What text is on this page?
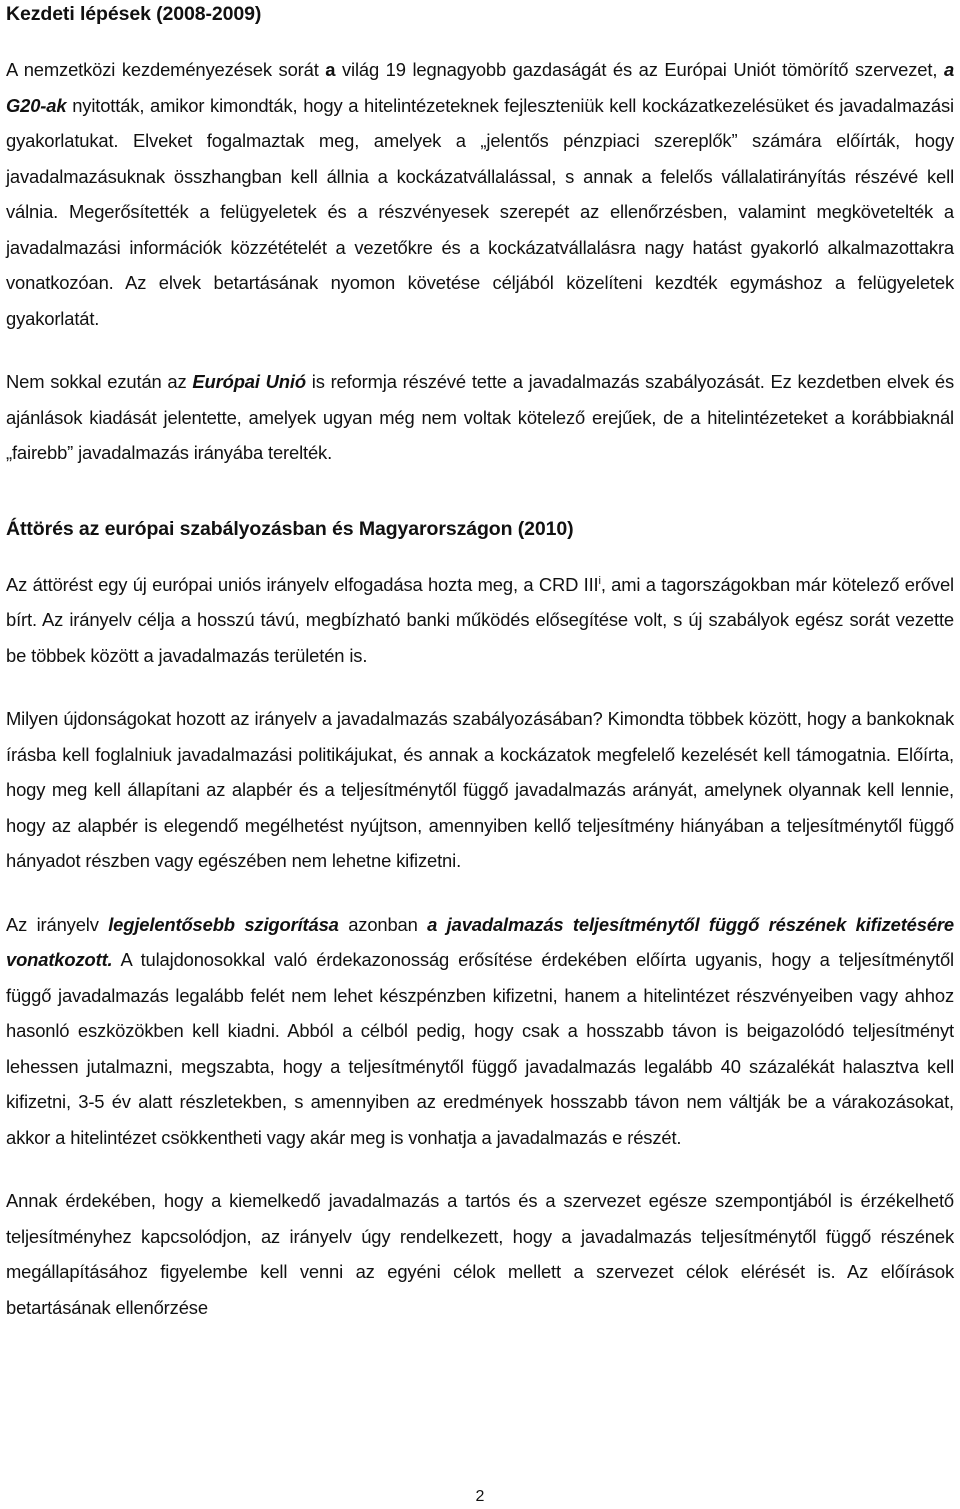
Kezdeti lépések (2008-2009)

A nemzetközi kezdeményezések sorát a világ 19 legnagyobb gazdaságát és az Európai Uniót tömörítő szervezet, a G20-ak nyitották, amikor kimondták, hogy a hitelintézeteknek fejleszteniük kell kockázatkezelésüket és javadalmazási gyakorlatukat. Elveket fogalmaztak meg, amelyek a „jelentős pénzpiaci szereplők” számára előírták, hogy javadalmazásuknak összhangban kell állnia a kockázatvállalással, s annak a felelős vállalatirányítás részévé kell válnia. Megerősítették a felügyeletek és a részvényesek szerepét az ellenőrzésben, valamint megkövetelték a javadalmazási információk közzétételét a vezetőkre és a kockázatvállalásra nagy hatást gyakorló alkalmazottakra vonatkozóan. Az elvek betartásának nyomon követése céljából közelíteni kezdték egymáshoz a felügyeletek gyakorlatát.

Nem sokkal ezután az Európai Unió is reformja részévé tette a javadalmazás szabályozását. Ez kezdetben elvek és ajánlások kiadását jelentette, amelyek ugyan még nem voltak kötelező erejűek, de a hitelintézeteket a korábbiaknál „fairebb” javadalmazás irányába terelték.

Áttörés az európai szabályozásban és Magyarországon (2010)

Az áttörést egy új európai uniós irányelv elfogadása hozta meg, a CRD III$^i$, ami a tagországokban már kötelező erővel bírt. Az irányelv célja a hosszú távú, megbízható banki működés elősegítése volt, s új szabályok egész sorát vezette be többek között a javadalmazás területén is.

Milyen újdonságokat hozott az irányelv a javadalmazás szabályozásában? Kimondta többek között, hogy a bankoknak írásba kell foglalniuk javadalmazási politikájukat, és annak a kockázatok megfelelő kezelését kell támogatnia. Előírta, hogy meg kell állapítani az alapbér és a teljesítménytől függő javadalmazás arányát, amelynek olyannak kell lennie, hogy az alapbér is elegendő megélhetést nyújtson, amennyiben kellő teljesítmény hiányában a teljesítménytől függő hányadot részben vagy egészében nem lehetne kifizetni.

Az irányelv legjelentősebb szigorítása azonban a javadalmazás teljesítménytől függő részének kifizetésére vonatkozott. A tulajdonosokkal való érdekazonosság erősítése érdekében előírta ugyanis, hogy a teljesítménytől függő javadalmazás legalább felét nem lehet készpénzben kifizetni, hanem a hitelintézet részvényeiben vagy ahhoz hasonló eszközökben kell kiadni. Abból a célból pedig, hogy csak a hosszabb távon is beigazolódó teljesítményt lehessen jutalmazni, megszabta, hogy a teljesítménytől függő javadalmazás legalább 40 százalékát halasztva kell kifizetni, 3-5 év alatt részletekben, s amennyiben az eredmények hosszabb távon nem váltják be a várakozásokat, akkor a hitelintézet csökkentheti vagy akár meg is vonhatja a javadalmazás e részét.

Annak érdekében, hogy a kiemelkedő javadalmazás a tartós és a szervezet egésze szempontjából is érzékelhető teljesítményhez kapcsolódjon, az irányelv úgy rendelkezett, hogy a javadalmazás teljesítménytől függő részének megállapításához figyelembe kell venni az egyéni célok mellett a szervezet célok elérését is. Az előírások betartásának ellenőrzése

2
